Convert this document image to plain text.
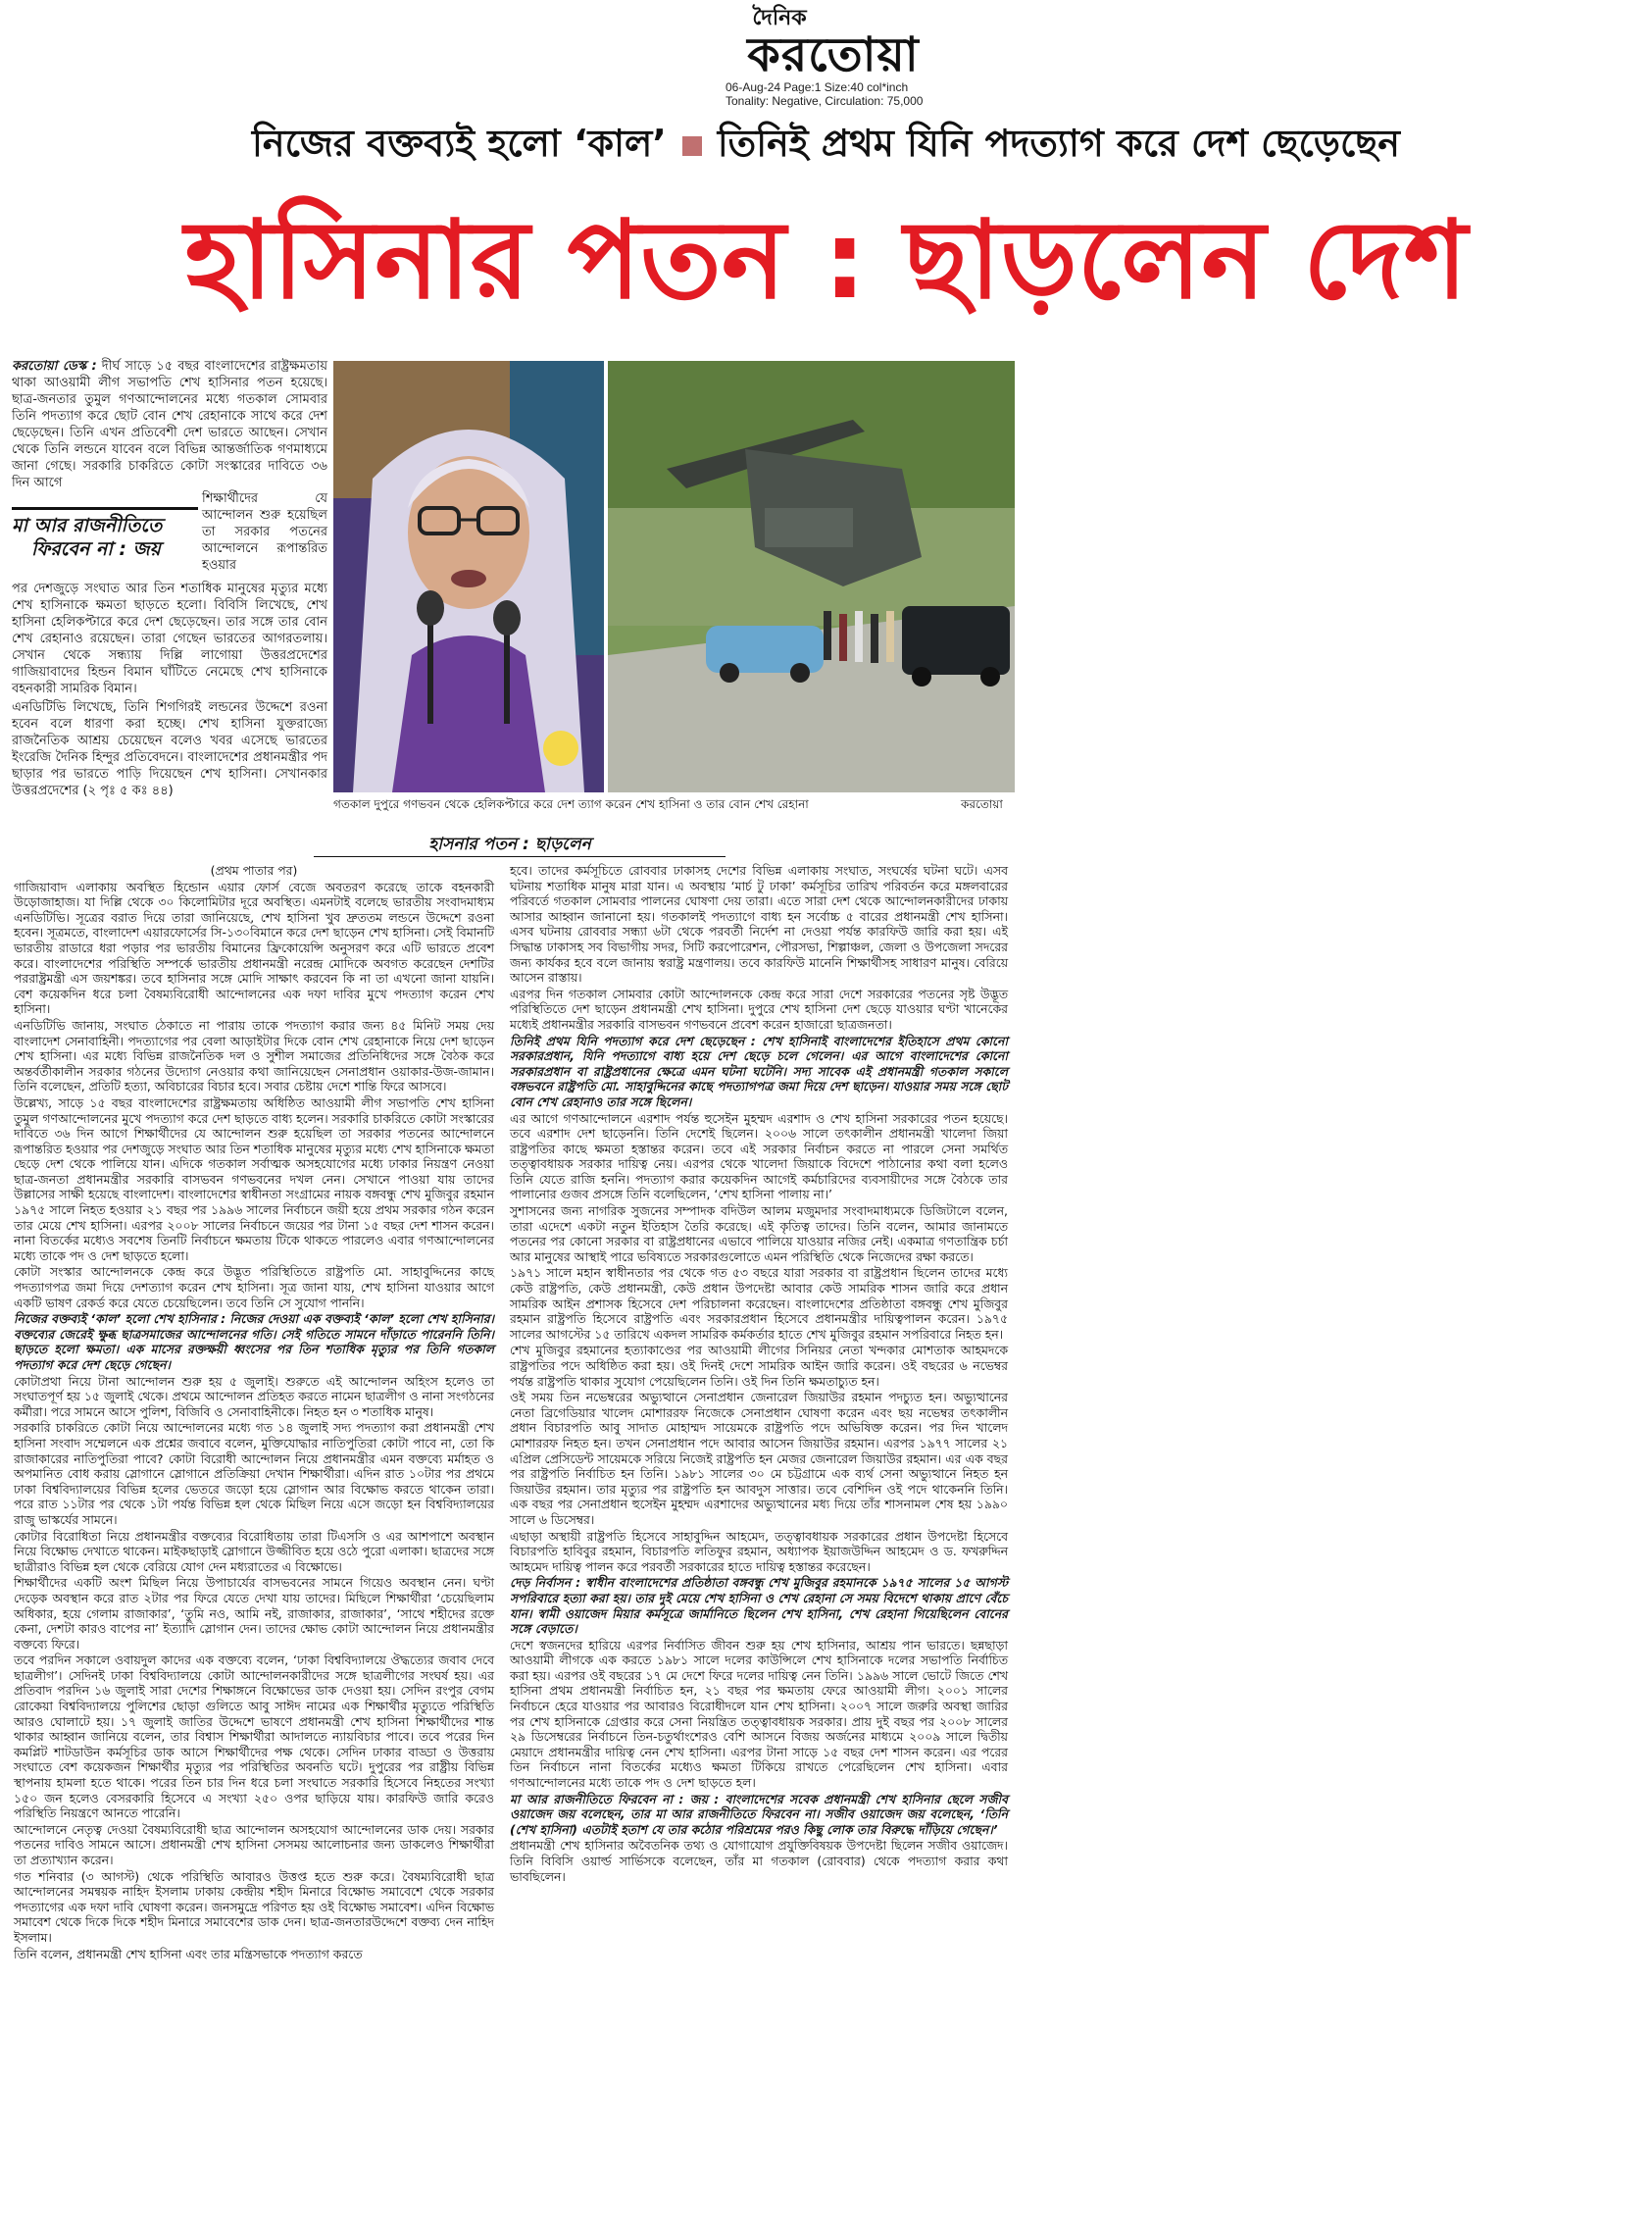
দৈনিক
করতোয়া
06-Aug-24 Page:1 Size:40 col*inch
Tonality: Negative, Circulation: 75,000
নিজের বক্তব্যই হলো ‘কাল’ তিনিই প্রথম যিনি পদত্যাগ করে দেশ ছেড়েছেন
হাসিনার পতন : ছাড়লেন দেশ

করতোয়া ডেস্ক : দীর্ঘ সাড়ে ১৫ বছর বাংলাদেশের রাষ্ট্রক্ষমতায় থাকা আওয়ামী লীগ সভাপতি শেখ হাসিনার পতন হয়েছে। ছাত্র-জনতার তুমুল গণআন্দোলনের মধ্যে গতকাল সোমবার তিনি পদত্যাগ করে ছোট বোন শেখ রেহানাকে সাথে করে দেশ ছেড়েছেন। তিনি এখন প্রতিবেশী দেশ ভারতে আছেন। সেখান থেকে তিনি লন্ডনে যাবেন বলে বিভিন্ন আন্তর্জাতিক গণমাধ্যমে জানা গেছে। সরকারি চাকরিতে কোটা সংস্কারের দাবিতে ৩৬ দিন আগে

মা আর রাজনীতিতে
ফিরবেন না : জয়
শিক্ষার্থীদের যে আন্দোলন শুরু হয়েছিল তা সরকার পতনের আন্দোলনে রূপান্তরিত হওয়ার

পর দেশজুড়ে সংঘাত আর তিন শতাধিক মানুষের মৃত্যুর মধ্যে শেখ হাসিনাকে ক্ষমতা ছাড়তে হলো। বিবিসি লিখেছে, শেখ হাসিনা হেলিকপ্টারে করে দেশ ছেড়েছেন। তার সঙ্গে তার বোন শেখ রেহানাও রয়েছেন। তারা গেছেন ভারতের আগরতলায়। সেখান থেকে সন্ধ্যায় দিল্লি লাগোয়া উত্তরপ্রদেশের গাজিয়াবাদের হিন্ডন বিমান ঘাঁটিতে নেমেছে শেখ হাসিনাকে বহনকারী সামরিক বিমান।

এনডিটিভি লিখেছে, তিনি শিগগিরই লন্ডনের উদ্দেশে রওনা হবেন বলে ধারণা করা হচ্ছে। শেখ হাসিনা যুক্তরাজ্যে রাজনৈতিক আশ্রয় চেয়েছেন বলেও খবর এসেছে ভারতের ইংরেজি দৈনিক হিন্দুর প্রতিবেদনে। বাংলাদেশের প্রধানমন্ত্রীর পদ ছাড়ার পর ভারতে পাড়ি দিয়েছেন শেখ হাসিনা। সেখানকার উত্তরপ্রদেশের (২ পৃঃ ৫ কঃ ৪৪)

গতকাল দুপুরে গণভবন থেকে হেলিকপ্টারে করে দেশ ত্যাগ করেন শেখ হাসিনা ও তার বোন শেখ রেহানা	করতোয়া
হাসনার পতন : ছাড়লেন

(প্রথম পাতার পর)

গাজিয়াবাদ এলাকায় অবস্থিত হিন্ডোন এয়ার ফোর্স বেজে অবতরণ করেছে তাকে বহনকারী উড়োজাহাজ। যা দিল্লি থেকে ৩০ কিলোমিটার দূরে অবস্থিত। এমনটাই বলেছে ভারতীয় সংবাদমাধ্যম এনডিটিভি। সূত্রের বরাত দিয়ে তারা জানিয়েছে, শেখ হাসিনা খুব দ্রুততম লন্ডনে উদ্দেশে রওনা হবেন। সূত্রমতে, বাংলাদেশ এয়ারফোর্সের সি-১৩০বিমানে করে দেশ ছাড়েন শেখ হাসিনা। সেই বিমানটি ভারতীয় রাডারে ধরা পড়ার পর ভারতীয় বিমানের ফ্রিকোয়েন্সি অনুসরণ করে এটি ভারতে প্রবেশ করে। বাংলাদেশের পরিস্থিতি সম্পর্কে ভারতীয় প্রধানমন্ত্রী নরেন্দ্র মোদিকে অবগত করেছেন দেশটির পররাষ্ট্রমন্ত্রী এস জয়শঙ্কর। তবে হাসিনার সঙ্গে মোদি সাক্ষাৎ করবেন কি না তা এখনো জানা যায়নি। বেশ কয়েকদিন ধরে চলা বৈষম্যবিরোধী আন্দোলনের এক দফা দাবির মুখে পদত্যাগ করেন শেখ হাসিনা।

এনডিটিভি জানায়, সংঘাত ঠেকাতে না পারায় তাকে পদত্যাগ করার জন্য ৪৫ মিনিট সময় দেয় বাংলাদেশ সেনাবাহিনী। পদত্যাগের পর বেলা আড়াইটার দিকে বোন শেখ রেহানাকে নিয়ে দেশ ছাড়েন শেখ হাসিনা। এর মধ্যে বিভিন্ন রাজনৈতিক দল ও সুশীল সমাজের প্রতিনিধিদের সঙ্গে বৈঠক করে অন্তর্বর্তীকালীন সরকার গঠনের উদ্যোগ নেওয়ার কথা জানিয়েছেন সেনাপ্রধান ওয়াকার-উজ-জামান। তিনি বলেছেন, প্রতিটি হত্যা, অবিচারের বিচার হবে। সবার চেষ্টায় দেশে শান্তি ফিরে আসবে।

উল্লেখ্য, সাড়ে ১৫ বছর বাংলাদেশের রাষ্ট্রক্ষমতায় অধিষ্ঠিত আওয়ামী লীগ সভাপতি শেখ হাসিনা তুমুল গণআন্দোলনের মুখে পদত্যাগ করে দেশ ছাড়তে বাধ্য হলেন। সরকারি চাকরিতে কোটা সংস্কারের দাবিতে ৩৬ দিন আগে শিক্ষার্থীদের যে আন্দোলন শুরু হয়েছিল তা সরকার পতনের আন্দোলনে রূপান্তরিত হওয়ার পর দেশজুড়ে সংঘাত আর তিন শতাধিক মানুষের মৃত্যুর মধ্যে শেখ হাসিনাকে ক্ষমতা ছেড়ে দেশ থেকে পালিয়ে যান। এদিকে গতকাল সর্বাত্মক অসহযোগের মধ্যে ঢাকার নিয়ন্ত্রণ নেওয়া ছাত্র-জনতা প্রধানমন্ত্রীর সরকারি বাসভবন গণভবনের দখল নেন। সেখানে পাওয়া যায় তাদের উল্লাসের সাক্ষী হয়েছে বাংলাদেশ। বাংলাদেশের স্বাধীনতা সংগ্রামের নায়ক বঙ্গবন্ধু শেখ মুজিবুর রহমান ১৯৭৫ সালে নিহত হওয়ার ২১ বছর পর ১৯৯৬ সালের নির্বাচনে জয়ী হয়ে প্রথম সরকার গঠন করেন তার মেয়ে শেখ হাসিনা। এরপর ২০০৮ সালের নির্বাচনে জয়ের পর টানা ১৫ বছর দেশ শাসন করেন। নানা বিতর্কের মধ্যেও সবশেষ তিনটি নির্বাচনে ক্ষমতায় টিকে থাকতে পারলেও এবার গণআন্দোলনের মধ্যে তাকে পদ ও দেশ ছাড়তে হলো।

কোটা সংস্কার আন্দোলনকে কেন্দ্র করে উদ্ভূত পরিস্থিতিতে রাষ্ট্রপতি মো. সাহাবুদ্দিনের কাছে পদত্যাগপত্র জমা দিয়ে দেশত্যাগ করেন শেখ হাসিনা। সূত্র জানা যায়, শেখ হাসিনা যাওয়ার আগে একটি ভাষণ রেকর্ড করে যেতে চেয়েছিলেন। তবে তিনি সে সুযোগ পাননি।

নিজের বক্তব্যই ‘কাল’ হলো শেখ হাসিনার : নিজের দেওয়া এক বক্তব্যই ‘কাল’ হলো শেখ হাসিনার। বক্তব্যের জেরেই ক্ষুব্ধ ছাত্রসমাজের আন্দোলনের গতি। সেই গতিতে সামনে দাঁড়াতে পারেননি তিনি। ছাড়তে হলো ক্ষমতা। এক মাসের রক্তক্ষয়ী ধ্বংসের পর তিন শতাধিক মৃত্যুর পর তিনি গতকাল পদত্যাগ করে দেশ ছেড়ে গেছেন।

কোটাপ্রথা নিয়ে টানা আন্দোলন শুরু হয় ৫ জুলাই। শুরুতে এই আন্দোলন অহিংস হলেও তা সংঘাতপূর্ণ হয় ১৫ জুলাই থেকে। প্রথমে আন্দোলন প্রতিহত করতে নামেন ছাত্রলীগ ও নানা সংগঠনের কর্মীরা। পরে সামনে আসে পুলিশ, বিজিবি ও সেনাবাহিনীকে। নিহত হন ৩ শতাধিক মানুষ।

সরকারি চাকরিতে কোটা নিয়ে আন্দোলনের মধ্যে গত ১৪ জুলাই সদ্য পদত্যাগ করা প্রধানমন্ত্রী শেখ হাসিনা সংবাদ সম্মেলনে এক প্রশ্নের জবাবে বলেন, মুক্তিযোদ্ধার নাতিপুতিরা কোটা পাবে না, তো কি রাজাকারের নাতিপুতিরা পাবে? কোটা বিরোধী আন্দোলন নিয়ে প্রধানমন্ত্রীর এমন বক্তব্যে মর্মাহত ও অপমানিত বোধ করায় স্লোগানে স্লোগানে প্রতিক্রিয়া দেখান শিক্ষার্থীরা। এদিন রাত ১০টার পর প্রথমে ঢাকা বিশ্ববিদ্যালয়ের বিভিন্ন হলের ভেতরে জড়ো হয়ে স্লোগান আর বিক্ষোভ করতে থাকেন তারা। পরে রাত ১১টার পর থেকে ১টা পর্যন্ত বিভিন্ন হল থেকে মিছিল নিয়ে এসে জড়ো হন বিশ্ববিদ্যালয়ের রাজু ভাস্কর্যের সামনে।

কোটার বিরোধিতা নিয়ে প্রধানমন্ত্রীর বক্তব্যের বিরোধিতায় তারা টিএসসি ও এর আশপাশে অবস্থান নিয়ে বিক্ষোভ দেখাতে থাকেন। মাইকছাড়াই স্লোগানে উজ্জীবিত হয়ে ওঠে পুরো এলাকা। ছাত্রদের সঙ্গে ছাত্রীরাও বিভিন্ন হল থেকে বেরিয়ে যোগ দেন মধ্যরাতের এ বিক্ষোভে।

শিক্ষার্থীদের একটি অংশ মিছিল নিয়ে উপাচার্যের বাসভবনের সামনে গিয়েও অবস্থান নেন। ঘণ্টা দেড়েক অবস্থান করে রাত ২টার পর ফিরে যেতে দেখা যায় তাদের। মিছিলে শিক্ষার্থীরা ‘চেয়েছিলাম অধিকার, হয়ে গেলাম রাজাকার’, ‘তুমি নও, আমি নই, রাজাকার, রাজাকার’, ‘সাথে শহীদের রক্তে কেনা, দেশটা কারও বাপের না’ ইত্যাদি স্লোগান দেন। তাদের ক্ষোভ কোটা আন্দোলন নিয়ে প্রধানমন্ত্রীর বক্তব্যে ফিরে।

তবে পরদিন সকালে ওবায়দুল কাদের এক বক্তব্যে বলেন, ‘ঢাকা বিশ্ববিদ্যালয়ে ঔদ্ধত্যের জবাব দেবে ছাত্রলীগ’। সেদিনই ঢাকা বিশ্ববিদ্যালয়ে কোটা আন্দোলনকারীদের সঙ্গে ছাত্রলীগের সংঘর্ষ হয়। এর প্রতিবাদ পরদিন ১৬ জুলাই সারা দেশের শিক্ষাঙ্গনে বিক্ষোভের ডাক দেওয়া হয়। সেদিন রংপুর বেগম রোকেয়া বিশ্ববিদ্যালয়ে পুলিশের ছোড়া গুলিতে আবু সাঈদ নামের এক শিক্ষার্থীর মৃত্যুতে পরিস্থিতি আরও ঘোলাটে হয়। ১৭ জুলাই জাতির উদ্দেশে ভাষণে প্রধানমন্ত্রী শেখ হাসিনা শিক্ষার্থীদের শান্ত থাকার আহ্বান জানিয়ে বলেন, তার বিশ্বাস শিক্ষার্থীরা আদালতে ন্যায়বিচার পাবে। তবে পরের দিন কমপ্লিট শাটডাউন কর্মসূচির ডাক আসে শিক্ষার্থীদের পক্ষ থেকে। সেদিন ঢাকার বাড্ডা ও উত্তরায় সংঘাতে বেশ কয়েকজন শিক্ষার্থীর মৃত্যুর পর পরিস্থিতির অবনতি ঘটে। দুপুরের পর রাষ্ট্রীয় বিভিন্ন স্থাপনায় হামলা হতে থাকে। পরের তিন চার দিন ধরে চলা সংঘাতে সরকারি হিসেবে নিহতের সংখ্যা ১৫০ জন হলেও বেসরকারি হিসেবে এ সংখ্যা ২৫০ ওপর ছাড়িয়ে যায়। কারফিউ জারি করেও পরিস্থিতি নিয়ন্ত্রণে আনতে পারেনি।

আন্দোলনে নেতৃত্ব দেওয়া বৈষম্যবিরোধী ছাত্র আন্দোলন অসহযোগ আন্দোলনের ডাক দেয়। সরকার পতনের দাবিও সামনে আসে। প্রধানমন্ত্রী শেখ হাসিনা সেসময় আলোচনার জন্য ডাকলেও শিক্ষার্থীরা তা প্রত্যাখ্যান করেন।

গত শনিবার (৩ আগস্ট) থেকে পরিস্থিতি আবারও উত্তপ্ত হতে শুরু করে। বৈষম্যবিরোধী ছাত্র আন্দোলনের সমন্বয়ক নাহিদ ইসলাম ঢাকায় কেন্দ্রীয় শহীদ মিনারে বিক্ষোভ সমাবেশে থেকে সরকার পদত্যাগের এক দফা দাবি ঘোষণা করেন। জনসমুদ্রে পরিণত হয় ওই বিক্ষোভ সমাবেশ। এদিন বিক্ষোভ সমাবেশ থেকে দিকে দিকে শহীদ মিনারে সমাবেশের ডাক দেন। ছাত্র-জনতারউদ্দেশে বক্তব্য দেন নাহিদ ইসলাম।

তিনি বলেন, প্রধানমন্ত্রী শেখ হাসিনা এবং তার মন্ত্রিসভাকে পদত্যাগ করতে

হবে। তাদের কর্মসূচিতে রোববার ঢাকাসহ দেশের বিভিন্ন এলাকায় সংঘাত, সংঘর্ষের ঘটনা ঘটে। এসব ঘটনায় শতাধিক মানুষ মারা যান। এ অবস্থায় ‘মার্চ টু ঢাকা’ কর্মসূচির তারিখ পরিবর্তন করে মঙ্গলবারের পরিবর্তে গতকাল সোমবার পালনের ঘোষণা দেয় তারা। এতে সারা দেশ থেকে আন্দোলনকারীদের ঢাকায় আসার আহ্বান জানানো হয়। গতকালই পদত্যাগে বাধ্য হন সর্বোচ্চ ৫ বারের প্রধানমন্ত্রী শেখ হাসিনা। এসব ঘটনায় রোববার সন্ধ্যা ৬টা থেকে পরবর্তী নির্দেশ না দেওয়া পর্যন্ত কারফিউ জারি করা হয়। এই সিদ্ধান্ত ঢাকাসহ সব বিভাগীয় সদর, সিটি করপোরেশন, পৌরসভা, শিল্পাঞ্চল, জেলা ও উপজেলা সদরের জন্য কার্যকর হবে বলে জানায় স্বরাষ্ট্র মন্ত্রণালয়। তবে কারফিউ মানেনি শিক্ষার্থীসহ সাধারণ মানুষ। বেরিয়ে আসেন রাস্তায়।

এরপর দিন গতকাল সোমবার কোটা আন্দোলনকে কেন্দ্র করে সারা দেশে সরকারের পতনের সৃষ্ট উদ্ভূত পরিস্থিতিতে দেশ ছাড়েন প্রধানমন্ত্রী শেখ হাসিনা। দুপুরে শেখ হাসিনা দেশ ছেড়ে যাওয়ার ঘণ্টা খানেকের মধ্যেই প্রধানমন্ত্রীর সরকারি বাসভবন গণভবনে প্রবেশ করেন হাজারো ছাত্রজনতা।

তিনিই প্রথম যিনি পদত্যাগ করে দেশ ছেড়েছেন : শেখ হাসিনাই বাংলাদেশের ইতিহাসে প্রথম কোনো সরকারপ্রধান, যিনি পদত্যাগে বাধ্য হয়ে দেশ ছেড়ে চলে গেলেন। এর আগে বাংলাদেশের কোনো সরকারপ্রধান বা রাষ্ট্রপ্রধানের ক্ষেত্রে এমন ঘটনা ঘটেনি। সদ্য সাবেক এই প্রধানমন্ত্রী গতকাল সকালে বঙ্গভবনে রাষ্ট্রপতি মো. সাহাবুদ্দিনের কাছে পদত্যাগপত্র জমা দিয়ে দেশ ছাড়েন। যাওয়ার সময় সঙ্গে ছোট বোন শেখ রেহানাও তার সঙ্গে ছিলেন।

এর আগে গণআন্দোলনে এরশাদ পর্যন্ত হুসেইন মুহম্মদ এরশাদ ও শেখ হাসিনা সরকারের পতন হয়েছে। তবে এরশাদ দেশ ছাড়েননি। তিনি দেশেই ছিলেন। ২০০৬ সালে তৎকালীন প্রধানমন্ত্রী খালেদা জিয়া রাষ্ট্রপতির কাছে ক্ষমতা হস্তান্তর করেন। তবে এই সরকার নির্বাচন করতে না পারলে সেনা সমর্থিত তত্ত্বাবধায়ক সরকার দায়িত্ব নেয়। এরপর থেকে খালেদা জিয়াকে বিদেশে পাঠানোর কথা বলা হলেও তিনি যেতে রাজি হননি। পদত্যাগ করার কয়েকদিন আগেই কর্মচারিদের ব্যবসায়ীদের সঙ্গে বৈঠকে তার পালানোর গুজব প্রসঙ্গে তিনি বলেছিলেন, ‘শেখ হাসিনা পালায় না।’

সুশাসনের জন্য নাগরিক সুজনের সম্পাদক বদিউল আলম মজুমদার সংবাদমাধ্যমকে ডিজিটালে বলেন, তারা এদেশে একটা নতুন ইতিহাস তৈরি করেছে। এই কৃতিত্ব তাদের। তিনি বলেন, আমার জানামতে পতনের পর কোনো সরকার বা রাষ্ট্রপ্রধানের এভাবে পালিয়ে যাওয়ার নজির নেই। একমাত্র গণতান্ত্রিক চর্চা আর মানুষের আস্থাই পারে ভবিষ্যতে সরকারগুলোতে এমন পরিস্থিতি থেকে নিজেদের রক্ষা করতে।

১৯৭১ সালে মহান স্বাধীনতার পর থেকে গত ৫৩ বছরে যারা সরকার বা রাষ্ট্রপ্রধান ছিলেন তাদের মধ্যে কেউ রাষ্ট্রপতি, কেউ প্রধানমন্ত্রী, কেউ প্রধান উপদেষ্টা আবার কেউ সামরিক শাসন জারি করে প্রধান সামরিক আইন প্রশাসক হিসেবে দেশ পরিচালনা করেছেন। বাংলাদেশের প্রতিষ্ঠাতা বঙ্গবন্ধু শেখ মুজিবুর রহমান রাষ্ট্রপতি হিসেবে রাষ্ট্রপতি এবং সরকারপ্রধান হিসেবে প্রধানমন্ত্রীর দায়িত্বপালন করেন। ১৯৭৫ সালের আগস্টের ১৫ তারিখে একদল সামরিক কর্মকর্তার হাতে শেখ মুজিবুর রহমান সপরিবারে নিহত হন।

শেখ মুজিবুর রহমানের হত্যাকাণ্ডের পর আওয়ামী লীগের সিনিয়র নেতা খন্দকার মোশতাক আহমদকে রাষ্ট্রপতির পদে অধিষ্ঠিত করা হয়। ওই দিনই দেশে সামরিক আইন জারি করেন। ওই বছরের ৬ নভেম্বর পর্যন্ত রাষ্ট্রপতি থাকার সুযোগ পেয়েছিলেন তিনি। ওই দিন তিনি ক্ষমতাচ্যুত হন।

ওই সময় তিন নভেম্বরের অভ্যুত্থানে সেনাপ্রধান জেনারেল জিয়াউর রহমান পদচ্যুত হন। অভ্যুত্থানের নেতা ব্রিগেডিয়ার খালেদ মোশাররফ নিজেকে সেনাপ্রধান ঘোষণা করেন এবং ছয় নভেম্বর তৎকালীন প্রধান বিচারপতি আবু সাদাত মোহাম্মদ সায়েমকে রাষ্ট্রপতি পদে অভিষিক্ত করেন। পর দিন খালেদ মোশাররফ নিহত হন। তখন সেনাপ্রধান পদে আবার আসেন জিয়াউর রহমান। এরপর ১৯৭৭ সালের ২১ এপ্রিল প্রেসিডেন্ট সায়েমকে সরিয়ে নিজেই রাষ্ট্রপতি হন মেজর জেনারেল জিয়াউর রহমান। এর এক বছর পর রাষ্ট্রপতি নির্বাচিত হন তিনি। ১৯৮১ সালের ৩০ মে চট্টগ্রামে এক ব্যর্থ সেনা অভ্যুত্থানে নিহত হন জিয়াউর রহমান। তার মৃত্যুর পর রাষ্ট্রপতি হন আবদুস সাত্তার। তবে বেশিদিন ওই পদে থাকেননি তিনি। এক বছর পর সেনাপ্রধান হুসেইন মুহম্মদ এরশাদের অভ্যুত্থানের মধ্য দিয়ে তাঁর শাসনামল শেষ হয় ১৯৯০ সালে ৬ ডিসেম্বর।

এছাড়া অস্থায়ী রাষ্ট্রপতি হিসেবে সাহাবুদ্দিন আহমেদ, তত্ত্বাবধায়ক সরকারের প্রধান উপদেষ্টা হিসেবে বিচারপতি হাবিবুর রহমান, বিচারপতি লতিফুর রহমান, অধ্যাপক ইয়াজউদ্দিন আহমেদ ও ড. ফখরুদ্দিন আহমেদ দায়িত্ব পালন করে পরবর্তী সরকারের হাতে দায়িত্ব হস্তান্তর করেছেন।

দেড় নির্বাসন : স্বাধীন বাংলাদেশের প্রতিষ্ঠাতা বঙ্গবন্ধু শেখ মুজিবুর রহমানকে ১৯৭৫ সালের ১৫ আগস্ট সপরিবারে হত্যা করা হয়। তার দুই মেয়ে শেখ হাসিনা ও শেখ রেহানা সে সময় বিদেশে থাকায় প্রাণে বেঁচে যান। স্বামী ওয়াজেদ মিয়ার কর্মসূত্রে জার্মানিতে ছিলেন শেখ হাসিনা, শেখ রেহানা গিয়েছিলেন বোনের সঙ্গে বেড়াতে।

দেশে স্বজনদের হারিয়ে এরপর নির্বাসিত জীবন শুরু হয় শেখ হাসিনার, আশ্রয় পান ভারতে। ছন্নছাড়া আওয়ামী লীগকে এক করতে ১৯৮১ সালে দলের কাউন্সিলে শেখ হাসিনাকে দলের সভাপতি নির্বাচিত করা হয়। এরপর ওই বছরের ১৭ মে দেশে ফিরে দলের দায়িত্ব নেন তিনি। ১৯৯৬ সালে ভোটে জিতে শেখ হাসিনা প্রথম প্রধানমন্ত্রী নির্বাচিত হন, ২১ বছর পর ক্ষমতায় ফেরে আওয়ামী লীগ। ২০০১ সালের নির্বাচনে হেরে যাওয়ার পর আবারও বিরোধীদলে যান শেখ হাসিনা। ২০০৭ সালে জরুরি অবস্থা জারির পর শেখ হাসিনাকে গ্রেপ্তার করে সেনা নিয়ন্ত্রিত তত্ত্বাবধায়ক সরকার। প্রায় দুই বছর পর ২০০৮ সালের ২৯ ডিসেম্বরের নির্বাচনে তিন-চতুর্থাংশেরও বেশি আসনে বিজয় অর্জনের মাধ্যমে ২০০৯ সালে দ্বিতীয় মেয়াদে প্রধানমন্ত্রীর দায়িত্ব নেন শেখ হাসিনা। এরপর টানা সাড়ে ১৫ বছর দেশ শাসন করেন। এর পরের তিন নির্বাচনে নানা বিতর্কের মধ্যেও ক্ষমতা টিকিয়ে রাখতে পেরেছিলেন শেখ হাসিনা। এবার গণআন্দোলনের মধ্যে তাকে পদ ও দেশ ছাড়তে হল।

মা আর রাজনীতিতে ফিরবেন না : জয় : বাংলাদেশের সবেক প্রধানমন্ত্রী শেখ হাসিনার ছেলে সজীব ওয়াজেদ জয় বলেছেন, তার মা আর রাজনীতিতে ফিরবেন না। সজীব ওয়াজেদ জয় বলেছেন, ‘তিনি (শেখ হাসিনা) এতটাই হতাশ যে তার কঠোর পরিশ্রমের পরও কিছু লোক তার বিরুদ্ধে দাঁড়িয়ে গেছেন।’

প্রধানমন্ত্রী শেখ হাসিনার অবৈতনিক তথ্য ও যোগাযোগ প্রযুক্তিবিষয়ক উপদেষ্টা ছিলেন সজীব ওয়াজেদ। তিনি বিবিসি ওয়ার্ল্ড সার্ভিসকে বলেছেন, তাঁর মা গতকাল (রোববার) থেকে পদত্যাগ করার কথা ভাবছিলেন।
